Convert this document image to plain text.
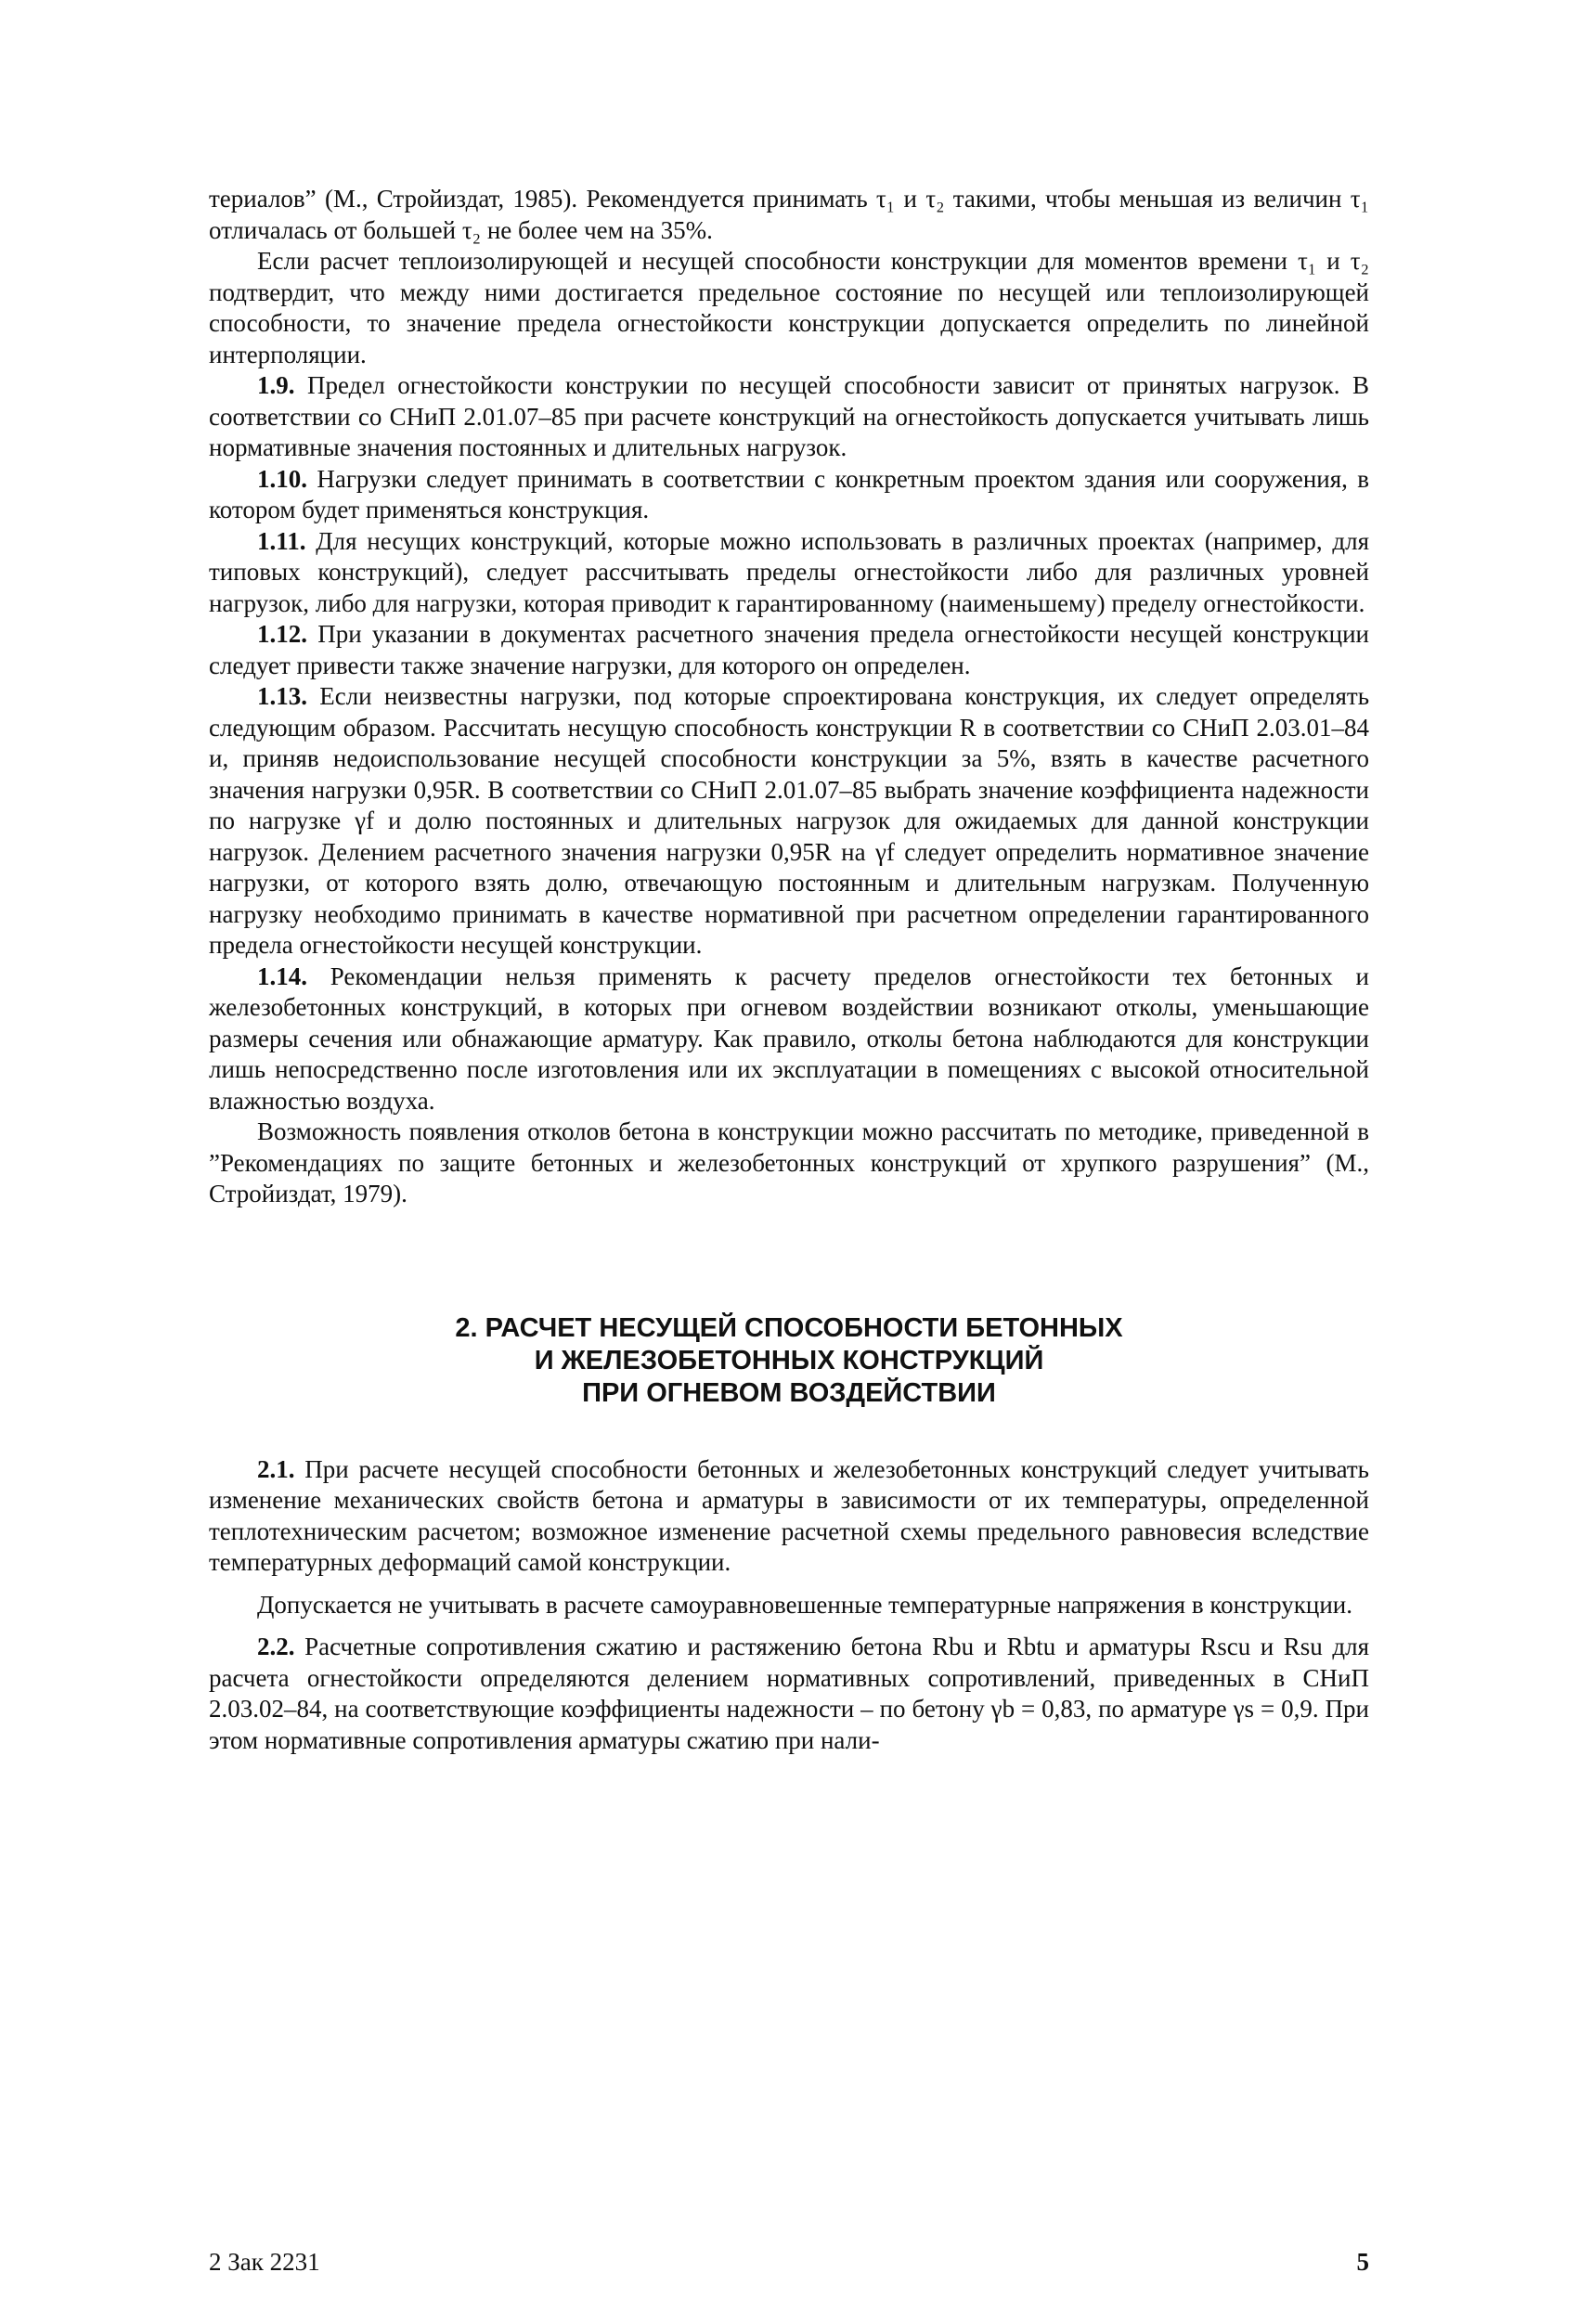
териалов” (М., Стройиздат, 1985). Рекомендуется принимать τ₁ и τ₂ такими, чтобы меньшая из величин τ₁ отличалась от большей τ₂ не более чем на 35%.

Если расчет теплоизолирующей и несущей способности конструкции для моментов времени τ₁ и τ₂ подтвердит, что между ними достигается предельное состояние по несущей или теплоизолирующей способности, то значение предела огнестойкости конструкции допускается определить по линейной интерполяции.

1.9. Предел огнестойкости конструкии по несущей способности зависит от принятых нагрузок. В соответствии со СНиП 2.01.07–85 при расчете конструкций на огнестойкость допускается учитывать лишь нормативные значения постоянных и длительных нагрузок.

1.10. Нагрузки следует принимать в соответствии с конкретным проектом здания или сооружения, в котором будет применяться конструкция.

1.11. Для несущих конструкций, которые можно использовать в различных проектах (например, для типовых конструкций), следует рассчитывать пределы огнестойкости либо для различных уровней нагрузок, либо для нагрузки, которая приводит к гарантированному (наименьшему) пределу огнестойкости.

1.12. При указании в документах расчетного значения предела огнестойкости несущей конструкции следует привести также значение нагрузки, для которого он определен.

1.13. Если неизвестны нагрузки, под которые спроектирована конструкция, их следует определять следующим образом. Рассчитать несущую способность конструкции R в соответствии со СНиП 2.03.01–84 и, приняв недоиспользование несущей способности конструкции за 5%, взять в качестве расчетного значения нагрузки 0,95R. В соответствии со СНиП 2.01.07–85 выбрать значение коэффициента надежности по нагрузке γf и долю постоянных и длительных нагрузок для ожидаемых для данной конструкции нагрузок. Делением расчетного значения нагрузки 0,95R на γf следует определить нормативное значение нагрузки, от которого взять долю, отвечающую постоянным и длительным нагрузкам. Полученную нагрузку необходимо принимать в качестве нормативной при расчетном определении гарантированного предела огнестойкости несущей конструкции.

1.14. Рекомендации нельзя применять к расчету пределов огнестойкости тех бетонных и железобетонных конструкций, в которых при огневом воздействии возникают отколы, уменьшающие размеры сечения или обнажающие арматуру. Как правило, отколы бетона наблюдаются для конструкции лишь непосредственно после изготовления или их эксплуатации в помещениях с высокой относительной влажностью воздуха.

Возможность появления отколов бетона в конструкции можно рассчитать по методике, приведенной в ”Рекомендациях по защите бетонных и железобетонных конструкций от хрупкого разрушения” (М., Стройиздат, 1979).

2. РАСЧЕТ НЕСУЩЕЙ СПОСОБНОСТИ БЕТОННЫХ
И ЖЕЛЕЗОБЕТОННЫХ КОНСТРУКЦИЙ
ПРИ ОГНЕВОМ ВОЗДЕЙСТВИИ

2.1. При расчете несущей способности бетонных и железобетонных конструкций следует учитывать изменение механических свойств бетона и арматуры в зависимости от их температуры, определенной теплотехническим расчетом; возможное изменение расчетной схемы предельного равновесия вследствие температурных деформаций самой конструкции.

Допускается не учитывать в расчете самоуравновешенные температурные напряжения в конструкции.

2.2. Расчетные сопротивления сжатию и растяжению бетона Rbu и Rbtu и арматуры Rscu и Rsu для расчета огнестойкости определяются делением нормативных сопротивлений, приведенных в СНиП 2.03.02–84, на соответствующие коэффициенты надежности – по бетону γb = 0,83, по арматуре γs = 0,9. При этом нормативные сопротивления арматуры сжатию при нали-

2 Зак 2231	5
